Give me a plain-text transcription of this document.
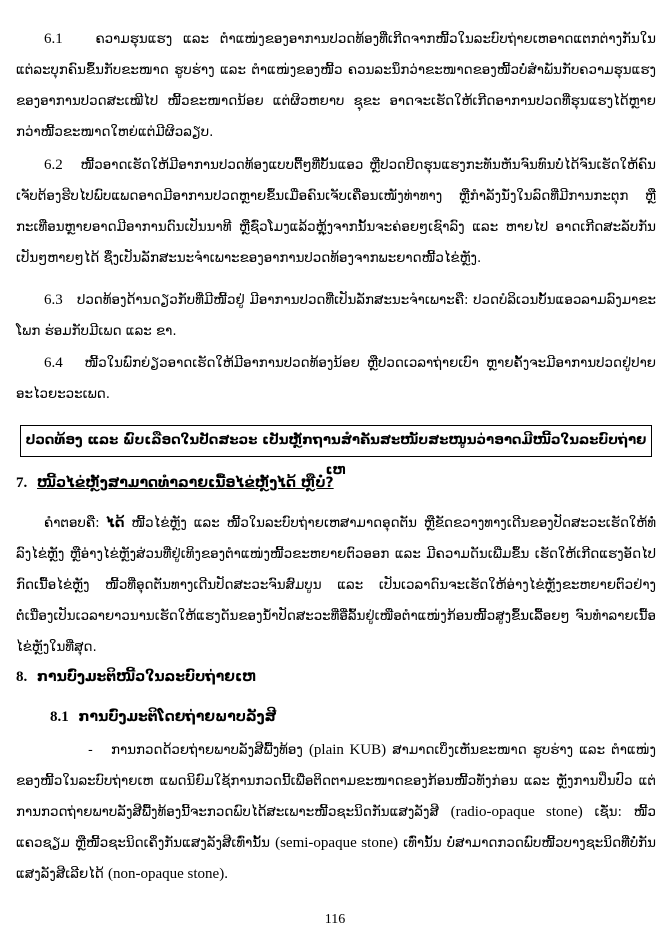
6.1 ຄວາມຮຸນແຮງ ແລະ ຕຳແໜ່ງຂອງອາການປວດທ້ອງທີ່ເກີດຈາກໜີ້ວໃນລະບົບຖ່າຍເຫອາດແຕກຕ່າງກັນໃນແຕ່ລະບຸກຄົນຂຶ້ນກັບຂະໜາດ ຮູບຮ່າງ ແລະ ຕຳແໜ່ງຂອງໜີ້ວ ຄວນລະນຶກວ່າຂະໜາດຂອງໜີ້ວບໍ່ສຳພັນກັບຄວາມຮຸນແຮງຂອງອາການປວດສະເໝີໄປ ໜີ້ວຂະໜາດນ້ອຍ ແຕ່ຜິວຫຍາບ ຊຸຂະ ອາດຈະເຮັດໃຫ້ເກີດອາການປວດທີ່ຮຸນແຮງໄດ້ຫຼາຍກວ່າໜີ້ວຂະໜາດໃຫຍ່ແຕ່ມີຜິວລຽບ.
6.2 ໜີ້ວອາດເຮັດໃຫ້ມີອາການປວດທ້ອງແບບຕື້ໆທີ່ບັ້ນແອວ ຫຼືປວດບີດຮຸນແຮງກະທັນຫັນຈົນທົນບໍ່ໄດ້ຈົນເຮັດໃຫ້ຄົນເຈັບຕ້ອງຮີບໄປພົບແພດອາດມີອາການປວດຫຼາຍຂຶ້ນເມື່ອຄົນເຈັບເຄື່ອນເໜັງທ່າທາງ ຫຼືກຳລັງນັ່ງໃນລົດທີ່ມີການກະຕຸກ ຫຼືກະເທືອນຫຼາຍອາດມີອາການດົນເປັນນາທີ ຫຼືຊົ່ວໂມງແລ້ວຫຼຸ້ງຈາກນັ້ນຈະຄ່ອຍໆເຊົາລົງ ແລະ ຫາຍໄປ ອາດເກີດສະລັບກັນ ເປັນໆຫາຍໆໄດ້ ຊຶ່ງເປັນລັກສະນະຈຳເພາະຂອງອາການປວດທ້ອງຈາກພະຍາດໜີ້ວໄຂ່ຫຼັງ.
6.3 ປວດທ້ອງດ້ານດຽວກັບທີ່ມີໜີ້ວຢູ່ ມີອາການປວດທີ່ເປັນລັກສະນະຈຳເພາະຄື: ປວດບໍລິເວນບັ້ນແອວລາມລົງມາຂະໂພກ ຮ່ອມກັບມີເພດ ແລະ ຂາ.
6.4 ໜີ້ວໃນພົກຍ່ຽວອາດເຮັດໃຫ້ມີອາການປວດທ້ອງນ້ອຍ ຫຼືປວດເວລາຖ່າຍເບົາ ຫຼາຍຄັ້ງຈະມີອາການປວດຢູ່ປາຍອະໄວຍະວະເພດ.
ປວດທ້ອງ ແລະ ພົບເລືອດໃນປັດສະວະ ເປັນຫຼັກຖານສຳຄັນສະໜັບສະໜູນວ່າອາດມີໜີ້ວໃນລະບົບຖ່າຍເຫ
7. ໜີ້ວໄຂ່ຫຼັງສາມາດທຳລາຍເນື້ອໄຂ່ຫຼັງໄດ້ ຫຼືບໍ່?
ຄຳຕອບຄື: ໄດ້ ໜີ້ວໄຂ່ຫຼັງ ແລະ ໜີ້ວໃນລະບົບຖ່າຍເຫສາມາດອຸດຕັນ ຫຼືຂັດຂວາງທາງເດີນຂອງປັດສະວະເຮັດໃຫ້ທໍ່ລົງໄຂ່ຫຼັງ ຫຼືອ່າງໄຂ່ຫຼັງສ່ວນທີ່ຢູ່ເທິງຂອງຕຳແໜ່ງໜີ້ວຂະຫຍາຍຕົວອອກ ແລະ ມີຄວາມດັນເພີ່ມຂຶ້ນ ເຮັດໃຫ້ເກີດແຮງອັດໄປກົດເນື້ອໄຂ່ຫຼັງ ໜີ້ວທີ່ອຸດຕັນທາງເດີນປັດສະວະຈົນສົມບູນ ແລະ ເປັນເວລາດົນຈະເຮັດໃຫ້ອ່າງໄຂ່ຫຼັງຂະຫຍາຍຕົວຢ່າງຕໍ່ເນື່ອງເປັນເວລາຍາວນານເຮັດໃຫ້ແຮງດັນຂອງນ້ຳປັດສະວະທີ່ອີ່ລົ້ນຢູ່ເໜືອຕຳແໜ່ງກ້ອນໜີ້ວສູງຂຶ້ນເລື້ອຍໆ ຈົນທຳລາຍເນື້ອໄຂ່ຫຼັງໃນທີ່ສຸດ.
8. ການບົ່ງມະຕິໜີ້ວໃນລະບົບຖ່າຍເຫ
8.1 ການບົ່ງມະຕິໂດຍຖ່າຍພາບລັງສີ
- ການກວດດ້ວຍຖ່າຍພາບລັງສີພື້ງທ້ອງ (plain KUB) ສາມາດເບິ່ງເຫັນຂະໜາດ ຮູບຮ່າງ ແລະ ຕຳແໜ່ງຂອງໜີ້ວໃນລະບົບຖ່າຍເຫ ແພດນິຍົມໃຊ້ການກວດນີ້ເພື່ອຕິດຕາມຂະໜາດຂອງກ້ອນໜີ້ວທັງກ່ອນ ແລະ ຫຼັງການປິ່ນປົວ ແຕ່ການກວດຖ່າຍພາບລັງສີພື້ງທ້ອງນີ້ຈະກວດພົບໄດ້ສະເພາະໜີ້ວຊະນິດກັນແສງລັງສີ (radio-opaque stone) ເຊັ່ນ: ໜີ້ວແຄວຊຽມ ຫຼືໜີ້ວຊະນິດເຄິ່ງກັນແສງລັງສີເທົ່ານັ້ນ (semi-opaque stone) ເທົ່ານັ້ນ ບໍ່ສາມາດກວດພົບໜີ້ວບາງຊະນິດທີ່ບໍ່ກັນແສງລັງສີເລີຍໄດ້ (non-opaque stone).
116
